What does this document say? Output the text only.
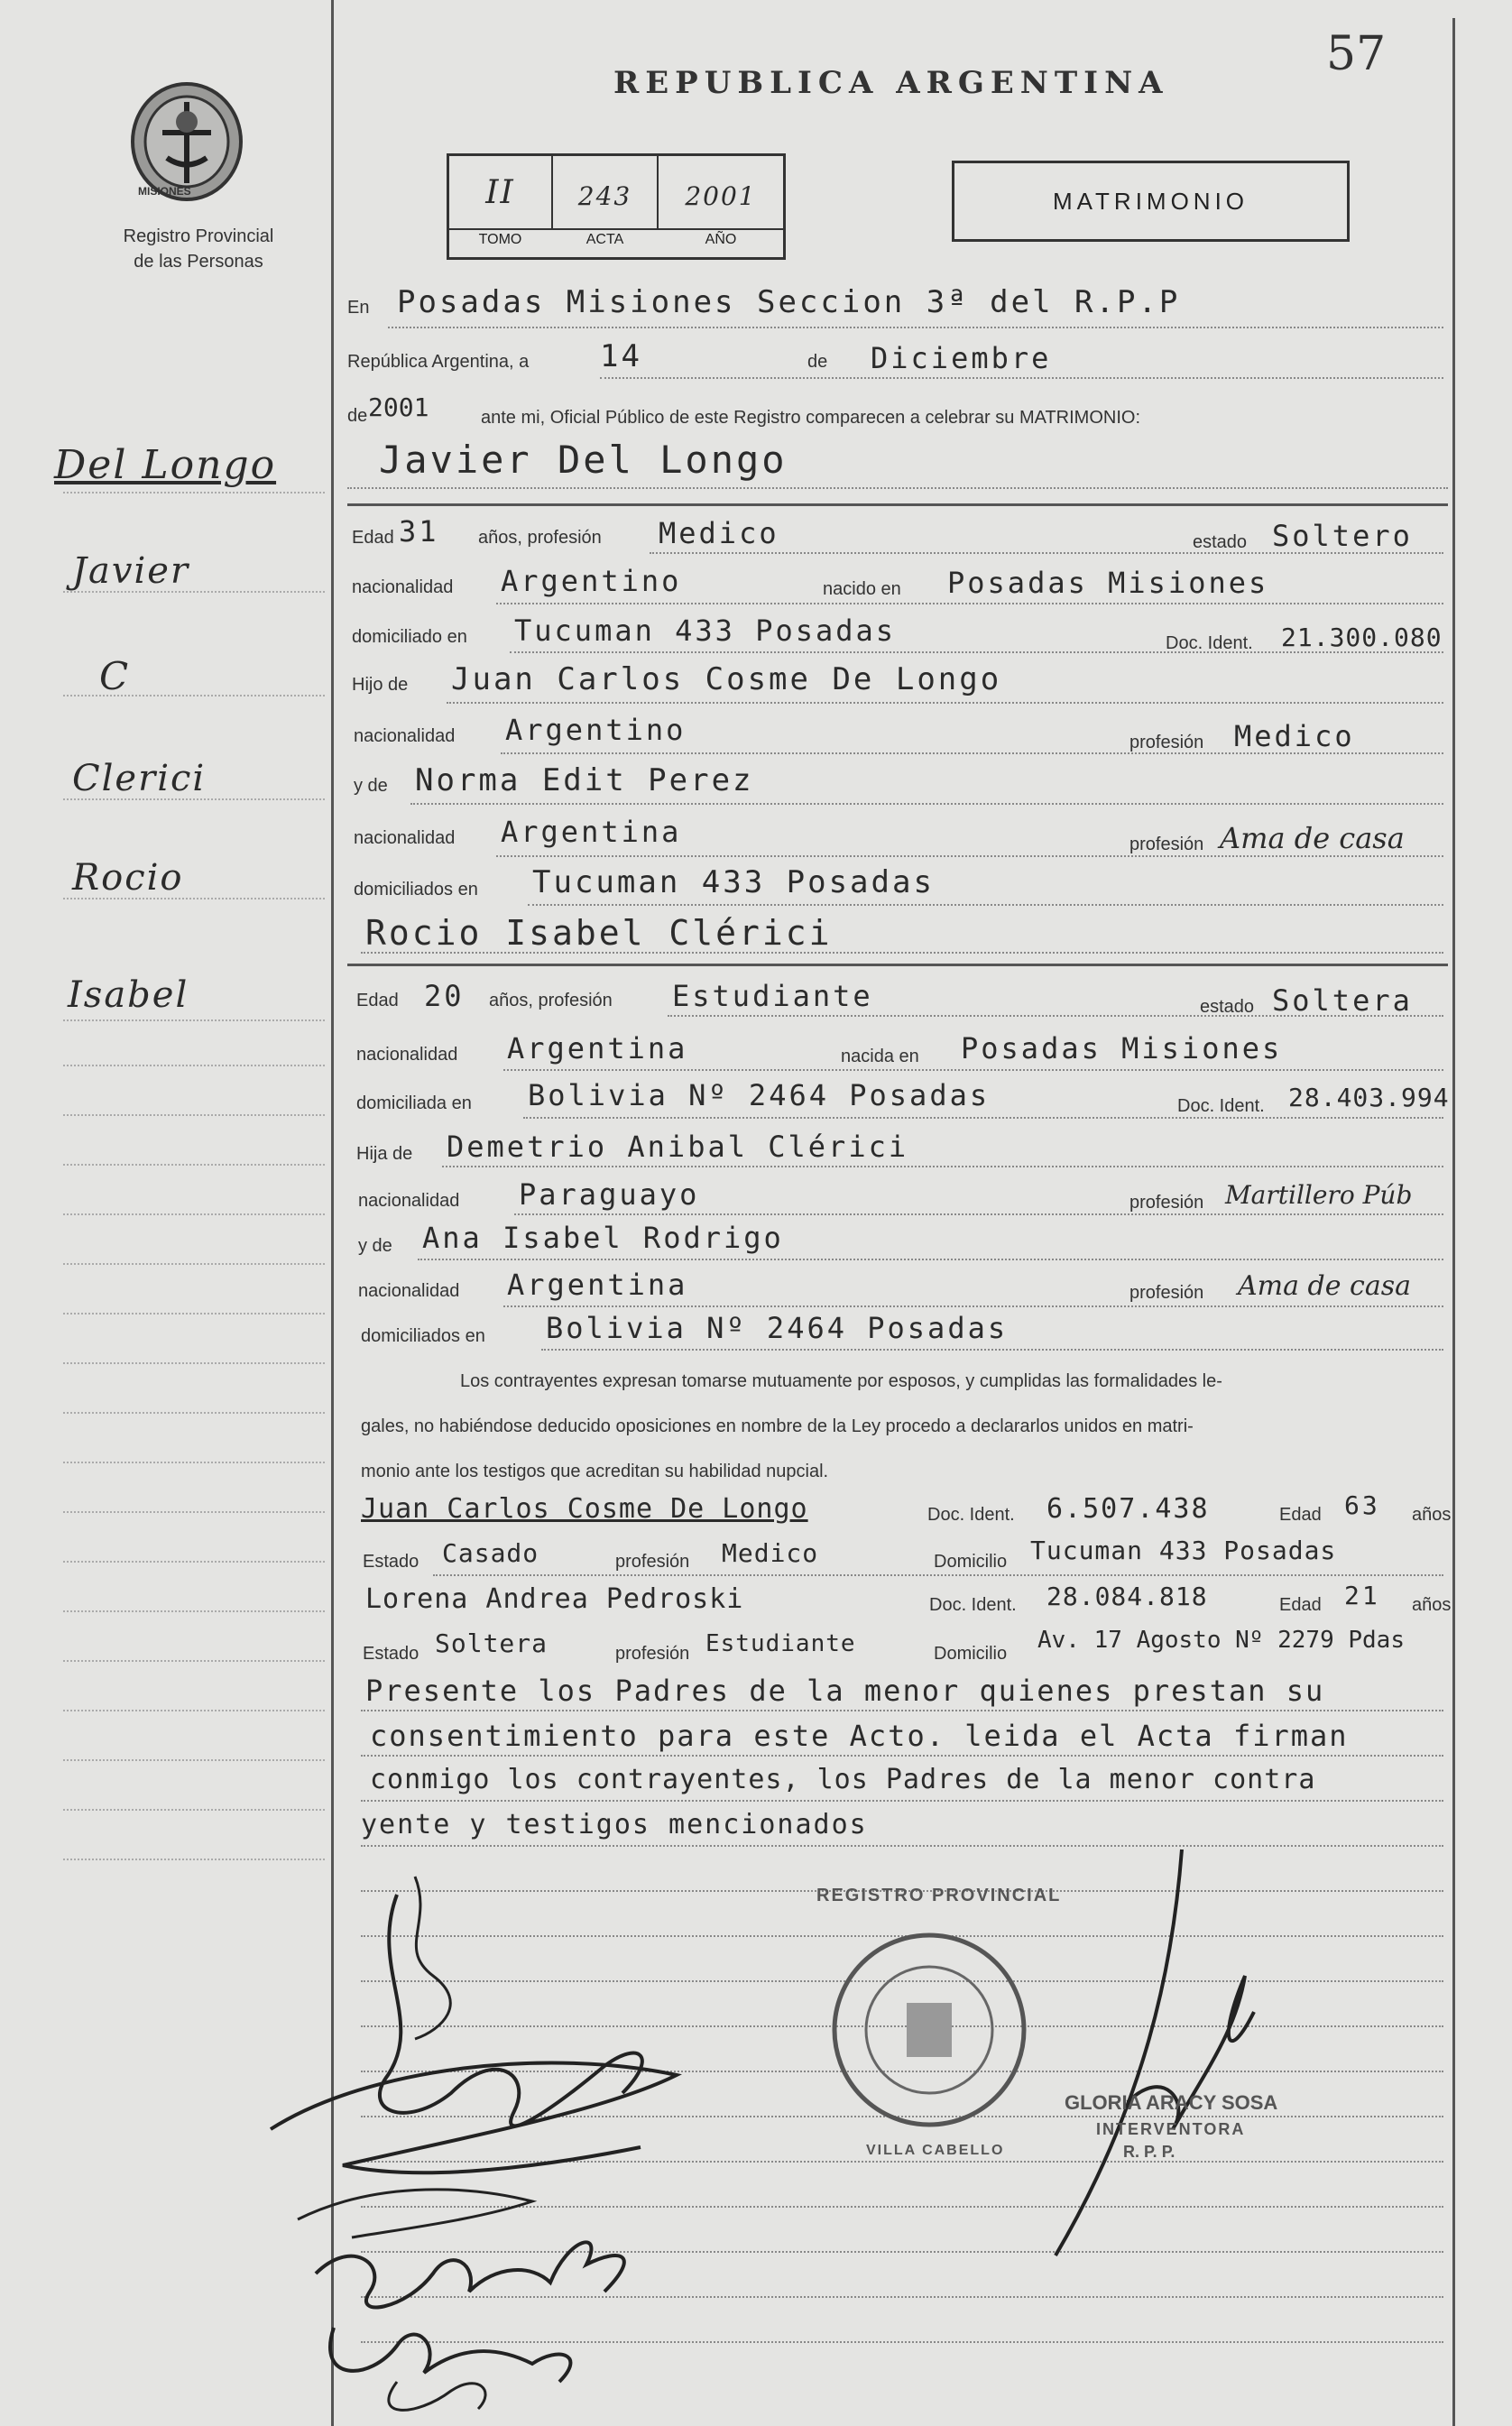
57
MISIONES
Registro Provincial
de las Personas
REPUBLICA ARGENTINA
II	243	2001
TOMO	ACTA	AÑO
MATRIMONIO
Del Longo
Javier
C
Clerici
Rocio
Isabel
En Posadas Misiones Seccion 3ª del R.P.P
República Argentina, a 14	de Diciembre
de 2001	ante mi, Oficial Público de este Registro comparecen a celebrar su MATRIMONIO:
Javier Del Longo
Edad 31 años, profesión Medico	estado Soltero
nacionalidad Argentino	nacido en Posadas Misiones
domiciliado en Tucuman 433 Posadas	Doc. Ident. 21.300.080
Hijo de Juan Carlos Cosme De Longo
nacionalidad Argentino	profesión Medico
y de Norma Edit Perez
nacionalidad Argentina	profesión Ama de casa
domiciliados en Tucuman 433 Posadas
Rocio Isabel Clérici
Edad 20 años, profesión Estudiante	estado Soltera
nacionalidad Argentina	nacida en Posadas Misiones
domiciliada en Bolivia Nº 2464 Posadas	Doc. Ident. 28.403.994
Hija de Demetrio Anibal Clérici
nacionalidad Paraguayo	profesión Martillero Púb
y de Ana Isabel Rodrigo
nacionalidad Argentina	profesión Ama de casa
domiciliados en Bolivia Nº 2464 Posadas
Los contrayentes expresan tomarse mutuamente por esposos, y cumplidas las formalidades le-
gales, no habiéndose deducido oposiciones en nombre de la Ley procedo a declararlos unidos en matri-
monio ante los testigos que acreditan su habilidad nupcial.
Juan Carlos Cosme De Longo	Doc. Ident. 6.507.438	Edad 63 años
Estado Casado	profesión Medico	Domicilio Tucuman 433 Posadas
Lorena Andrea Pedroski	Doc. Ident. 28.084.818	Edad 21 años
Estado Soltera	profesión Estudiante	Domicilio Av. 17 Agosto Nº 2279 Pdas
Presente los Padres de la menor quienes prestan su
consentimiento para este Acto. leida el Acta firman
conmigo los contrayentes, los Padres de la menor contra
yente y testigos mencionados
REGISTRO PROVINCIAL
VILLA CABELLO
GLORIA ARACY SOSA
INTERVENTORA
R. P. P.
